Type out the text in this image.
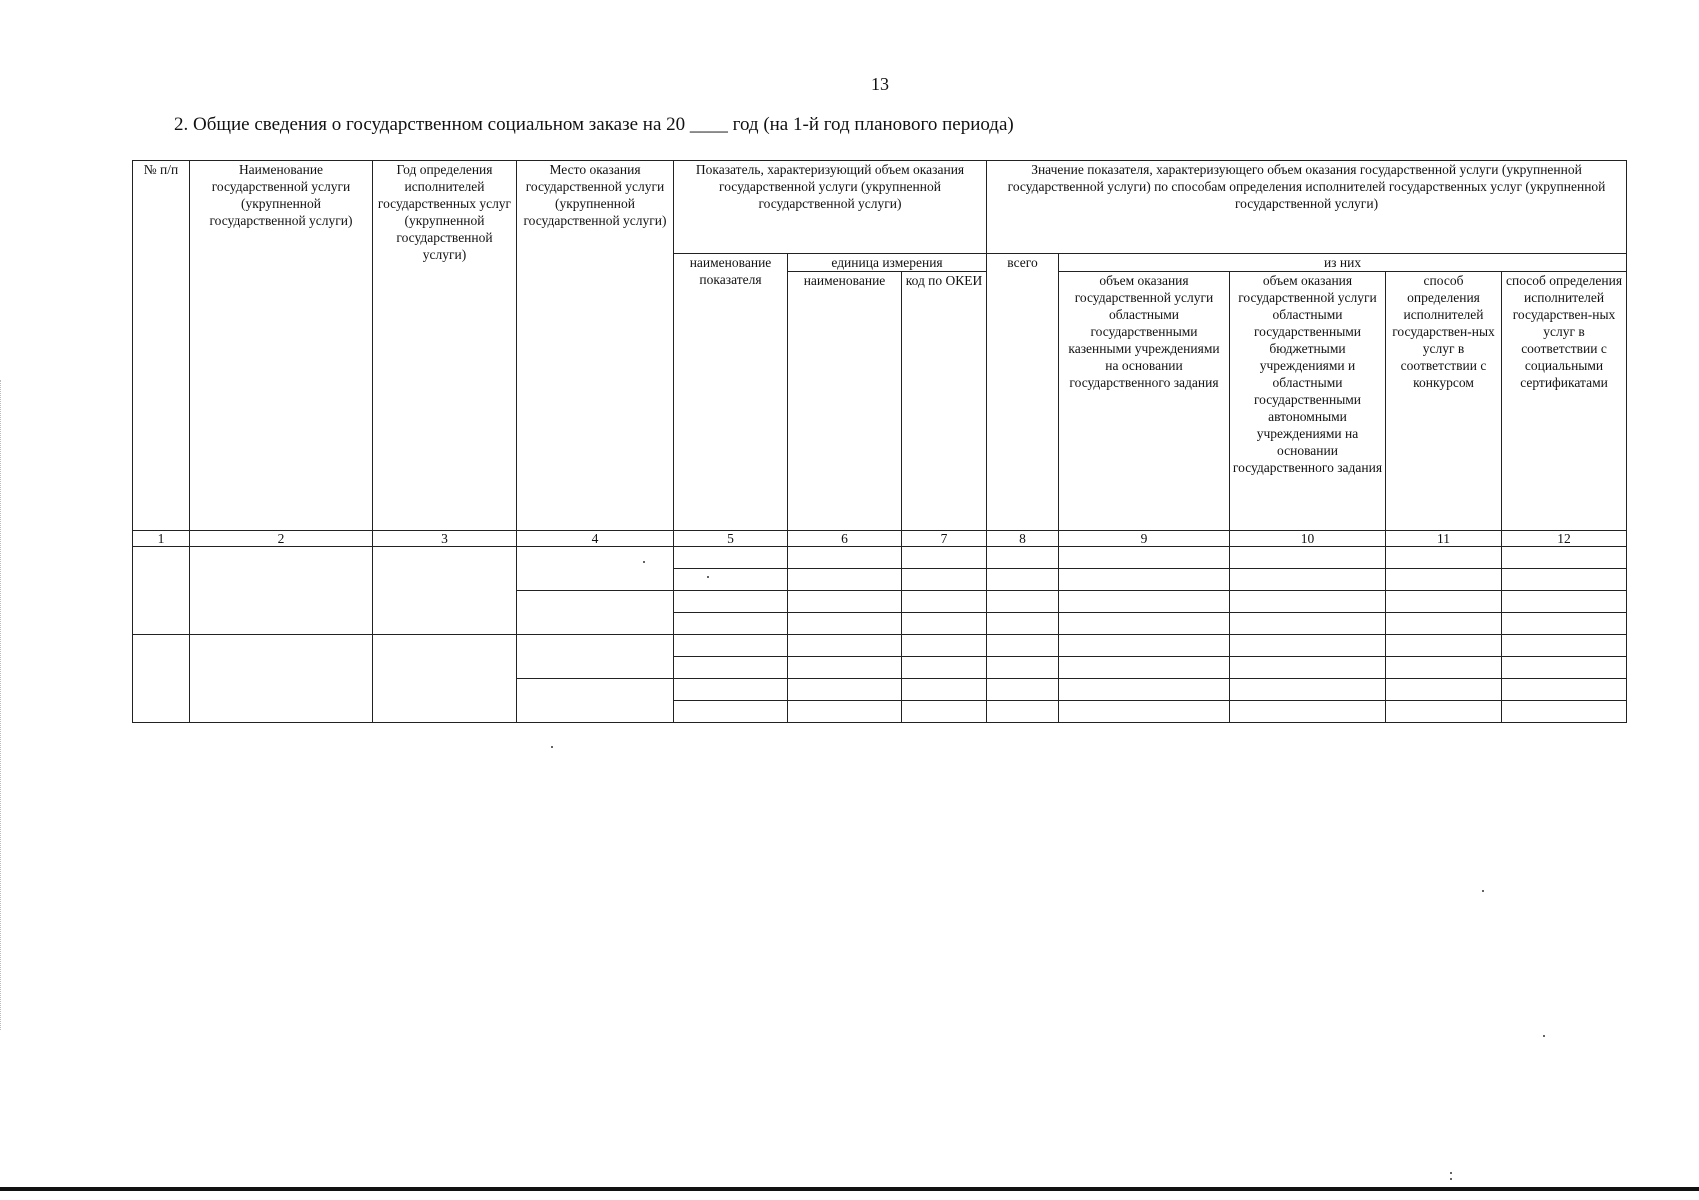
13
2. Общие сведения о государственном социальном заказе на 20 ____ год (на 1-й год планового периода)
№ п/п	Наименование государственной услуги (укрупненной государственной услуги)	Год определения исполнителей государственных услуг (укрупненной государственной услуги)	Место оказания государственной услуги (укрупненной государственной услуги)	Показатель, характеризующий объем оказания государственной услуги (укрупненной государственной услуги)			Значение показателя, характеризующего объем оказания государственной услуги (укрупненной государственной услуги) по способам определения исполнителей государственных услуг (укрупненной государственной услуги)				
				наименование показателя	единица измерения		всего	из них			
					наименование	код по ОКЕИ		объем оказания государственной услуги областными государственными казенными учреждениями на основании государственного задания	объем оказания государственной услуги областными государственными бюджетными учреждениями и областными государственными автономными учреждениями на основании государственного задания	способ определения исполнителей государствен-ных услуг в соответствии с конкурсом	способ определения исполнителей государствен-ных услуг в соответствии с социальными сертификатами
1	2	3	4	5	6	7	8	9	10	11	12
